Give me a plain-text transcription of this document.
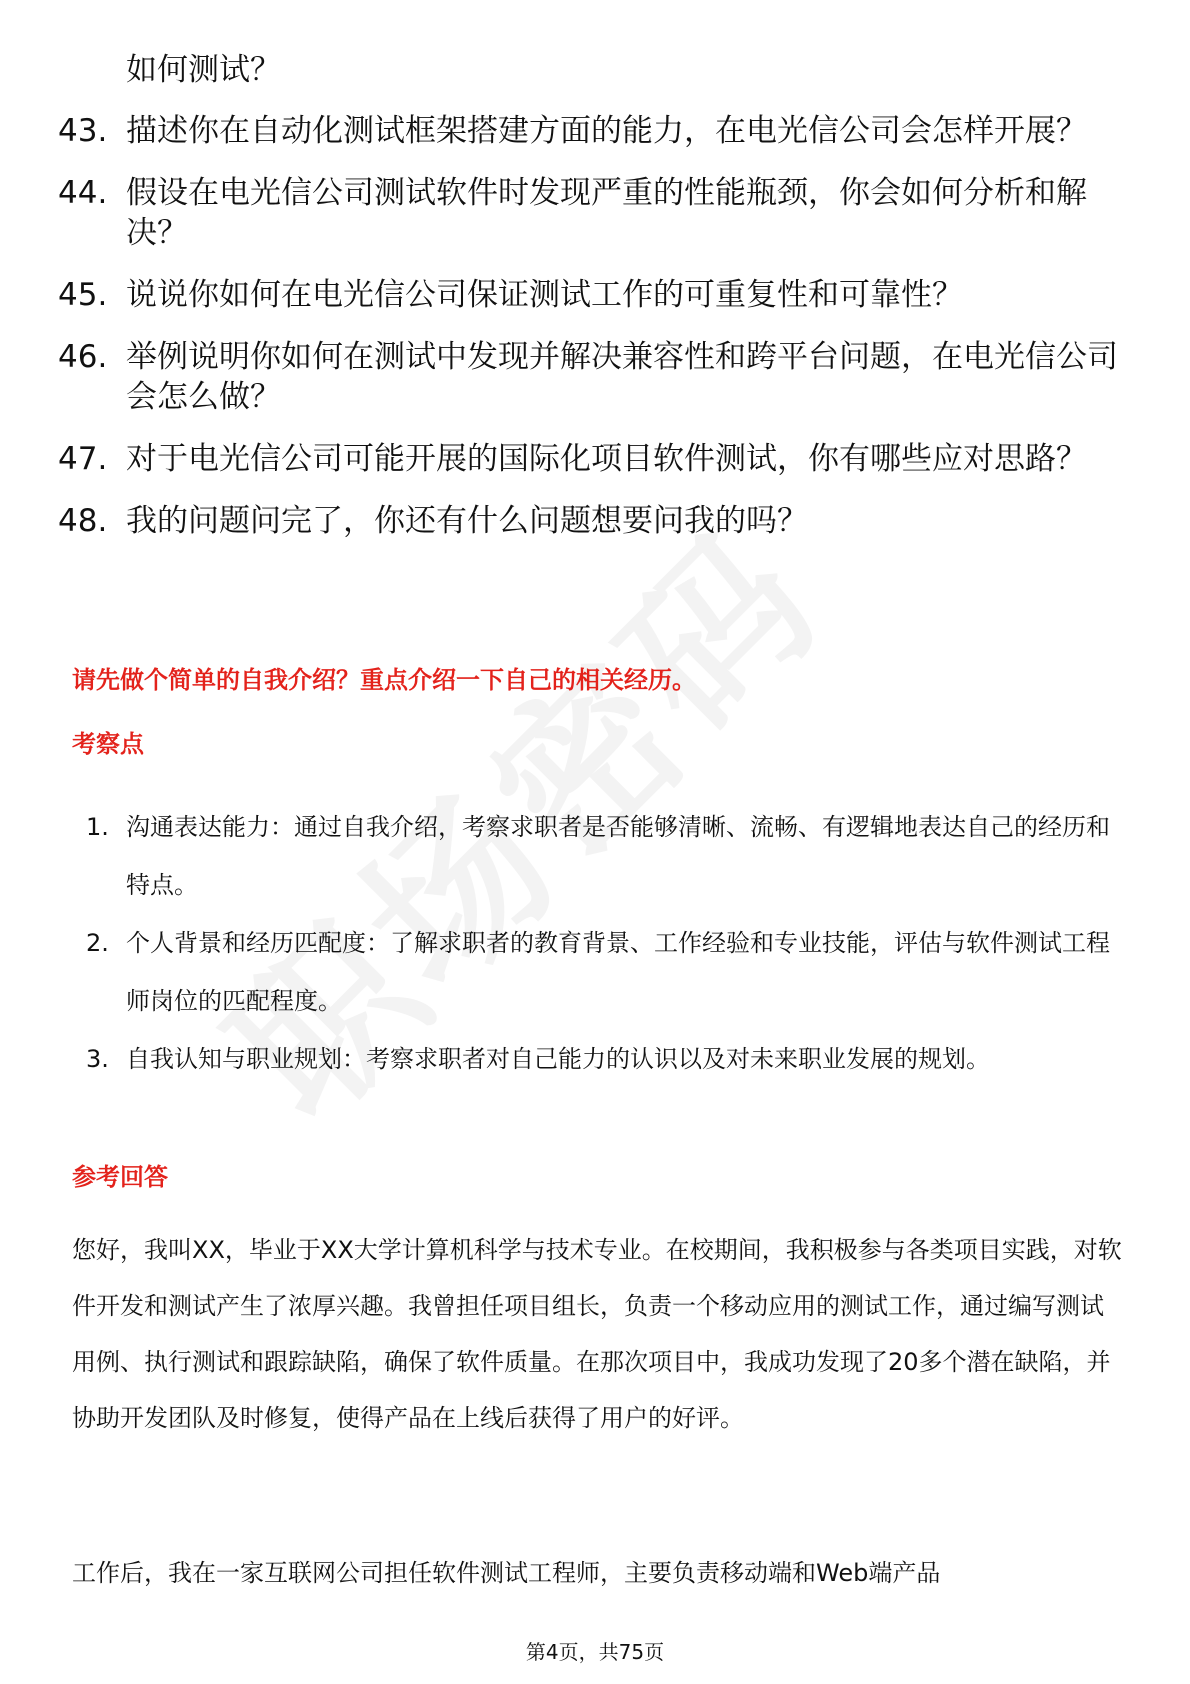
如何测试？
43. 描述你在自动化测试框架搭建方面的能力，在电光信公司会怎样开展？
44. 假设在电光信公司测试软件时发现严重的性能瓶颈，你会如何分析和解决？
45. 说说你如何在电光信公司保证测试工作的可重复性和可靠性？
46. 举例说明你如何在测试中发现并解决兼容性和跨平台问题，在电光信公司会怎么做？
47. 对于电光信公司可能开展的国际化项目软件测试，你有哪些应对思路？
48. 我的问题问完了，你还有什么问题想要问我的吗？
请先做个简单的自我介绍？重点介绍一下自己的相关经历。
考察点
1. 沟通表达能力：通过自我介绍，考察求职者是否能够清晰、流畅、有逻辑地表达自己的经历和特点。
2. 个人背景和经历匹配度：了解求职者的教育背景、工作经验和专业技能，评估与软件测试工程师岗位的匹配程度。
3. 自我认知与职业规划：考察求职者对自己能力的认识以及对未来职业发展的规划。
参考回答
您好，我叫XX，毕业于XX大学计算机科学与技术专业。在校期间，我积极参与各类项目实践，对软件开发和测试产生了浓厚兴趣。我曾担任项目组长，负责一个移动应用的测试工作，通过编写测试用例、执行测试和跟踪缺陷，确保了软件质量。在那次项目中，我成功发现了20多个潜在缺陷，并协助开发团队及时修复，使得产品在上线后获得了用户的好评。
工作后，我在一家互联网公司担任软件测试工程师，主要负责移动端和Web端产品
第4页，共75页
